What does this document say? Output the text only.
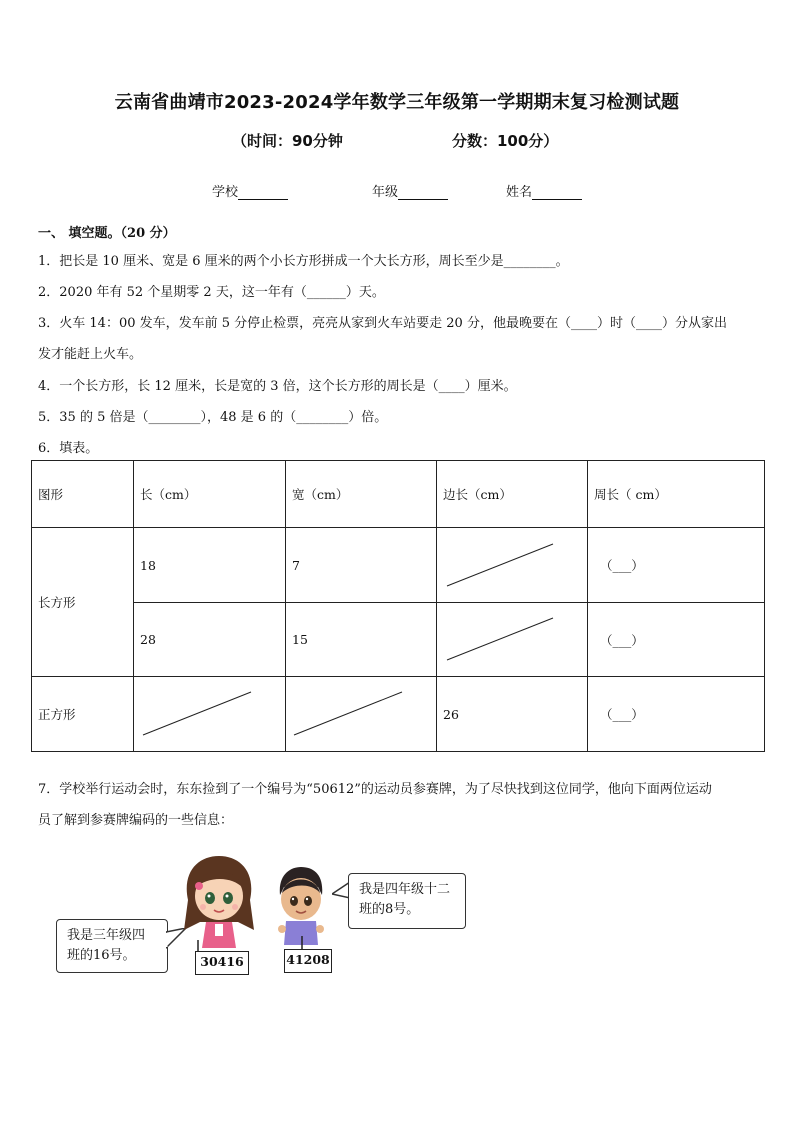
云南省曲靖市2023-2024学年数学三年级第一学期期末复习检测试题
（时间：90分钟	分数：100分）
学校	年级	姓名
一、 填空题。（20 分）
1．把长是 10 厘米、宽是 6 厘米的两个小长方形拼成一个大长方形，周长至少是________。
2．2020 年有 52 个星期零 2 天，这一年有（______）天。
3．火车 14：00 发车，发车前 5 分停止检票，亮亮从家到火车站要走 20 分，他最晚要在（____）时（____）分从家出
发才能赶上火车。
4．一个长方形，长 12 厘米，长是宽的 3 倍，这个长方形的周长是（____）厘米。
5．35 的 5 倍是（________），48 是 6 的（________）倍。
6．填表。
图形	长（cm）	宽（cm）	边长（cm）	周长（ cm）
长方形	18	7		（___）
	28	15		（___）
正方形			26	（___）
7．学校举行运动会时，东东捡到了一个编号为“50612”的运动员参赛牌，为了尽快找到这位同学，他向下面两位运动
员了解到参赛牌编码的一些信息：
我是三年级四班的16号。	30416	41208
我是四年级十二班的8号。
